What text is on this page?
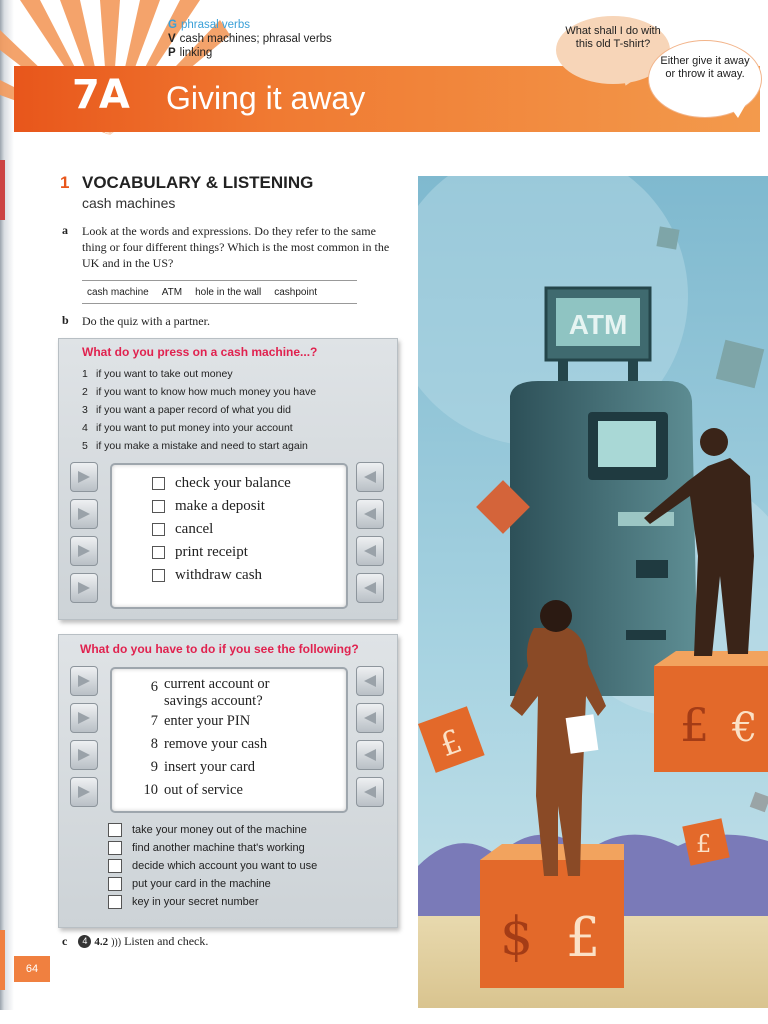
G phrasal verbs
V cash machines; phrasal verbs
P linking
7A Giving it away
What shall I do with this old T-shirt?
Either give it away or throw it away.
1 VOCABULARY & LISTENING
cash machines
a Look at the words and expressions. Do they refer to the same thing or four different things? Which is the most common in the UK and in the US?
cash machine ATM hole in the wall cashpoint
b Do the quiz with a partner.
What do you press on a cash machine...?
1 if you want to take out money
2 if you want to know how much money you have
3 if you want a paper record of what you did
4 if you want to put money into your account
5 if you make a mistake and need to start again
check your balance
make a deposit
cancel
print receipt
withdraw cash
What do you have to do if you see the following?
6 current account or savings account?
7 enter your PIN
8 remove your cash
9 insert your card
10 out of service
take your money out of the machine
find another machine that's working
decide which account you want to use
put your card in the machine
key in your secret number
c 4 4.2 ))) Listen and check.
64
ATM
£ €
$ £
£
£
